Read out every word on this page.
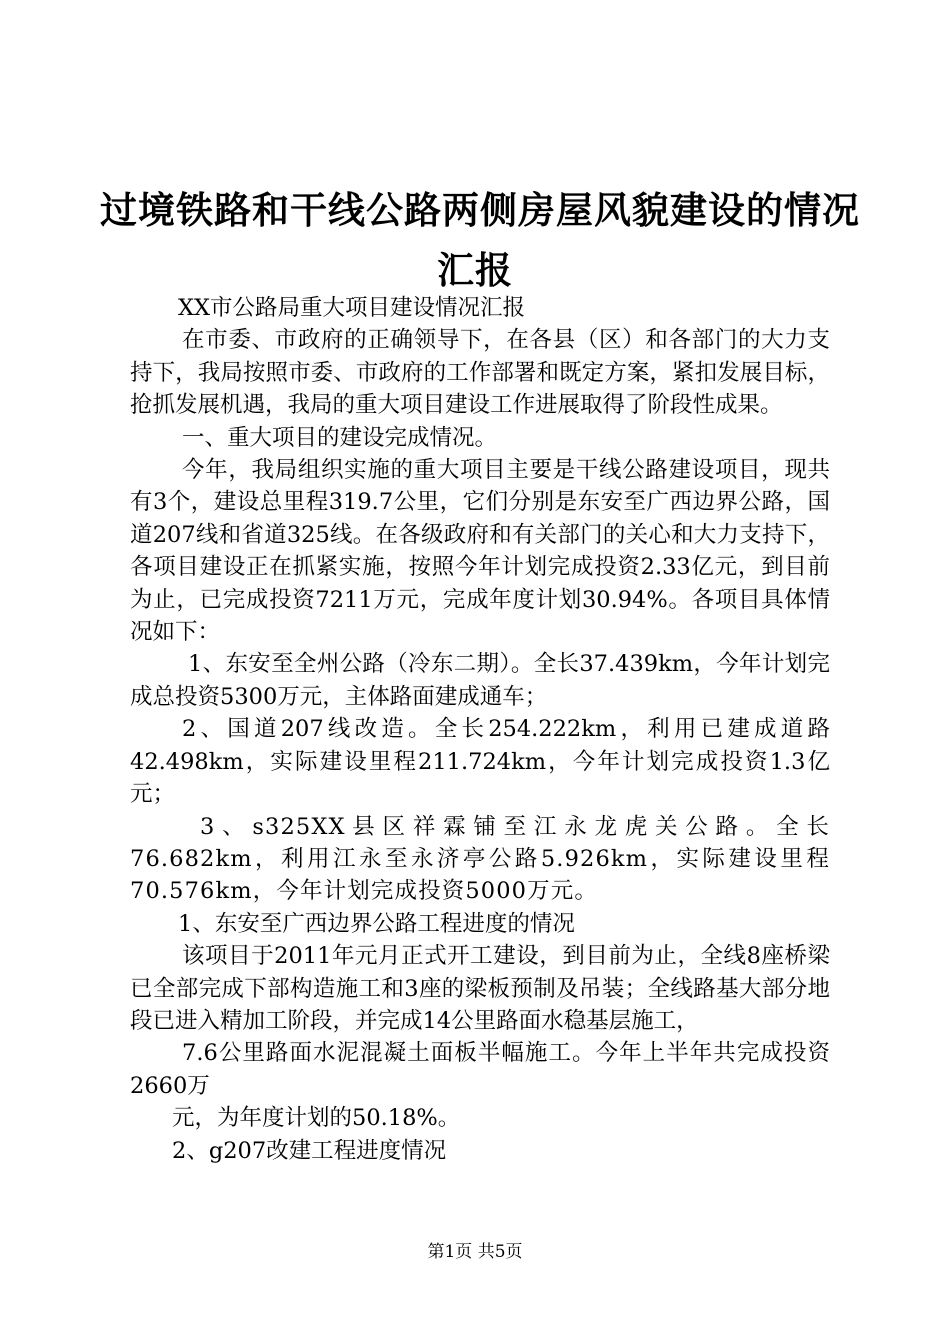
过境铁路和干线公路两侧房屋风貌建设的情况
汇报

XX市公路局重大项目建设情况汇报

在市委、市政府的正确领导下，在各县（区）和各部门的大力支持下，我局按照市委、市政府的工作部署和既定方案，紧扣发展目标，抢抓发展机遇，我局的重大项目建设工作进展取得了阶段性成果。

一、重大项目的建设完成情况。

今年，我局组织实施的重大项目主要是干线公路建设项目，现共有3个，建设总里程319.7公里，它们分别是东安至广西边界公路，国道207线和省道325线。在各级政府和有关部门的关心和大力支持下，各项目建设正在抓紧实施，按照今年计划完成投资2.33亿元，到目前为止，已完成投资7211万元，完成年度计划30.94%。各项目具体情况如下：

1、东安至全州公路（冷东二期）。全长37.439km，今年计划完成总投资5300万元，主体路面建成通车；

2、国道207线改造。全长254.222km，利用已建成道路42.498km，实际建设里程211.724km，今年计划完成投资1.3亿元；

3、s325XX县区祥霖铺至江永龙虎关公路。全长76.682km，利用江永至永济亭公路5.926km，实际建设里程70.576km，今年计划完成投资5000万元。

1、东安至广西边界公路工程进度的情况

该项目于2011年元月正式开工建设，到目前为止，全线8座桥梁已全部完成下部构造施工和3座的梁板预制及吊装；全线路基大部分地段已进入精加工阶段，并完成14公里路面水稳基层施工，

7.6公里路面水泥混凝土面板半幅施工。今年上半年共完成投资2660万

元，为年度计划的50.18%。

2、g207改建工程进度情况

第1页 共5页
